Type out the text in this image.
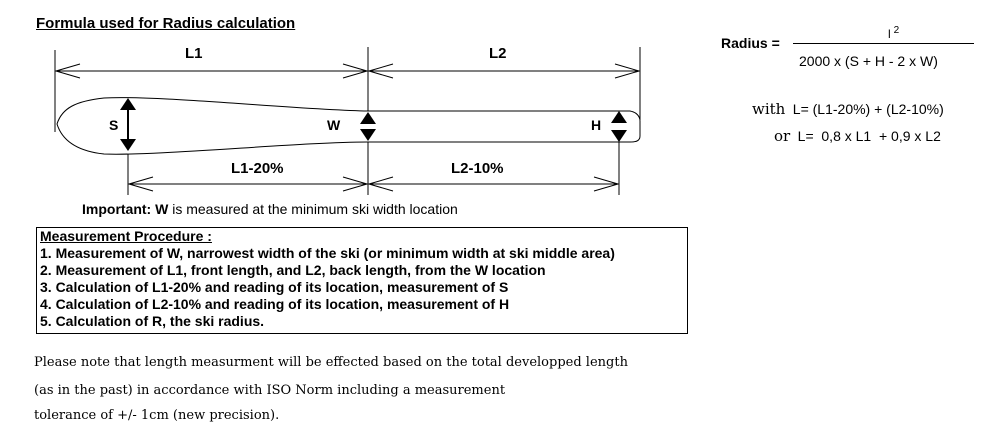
Formula used for Radius calculation
L1	L2
S	W	H
L1-20%	L2-10%
Important: W is measured at the minimum ski width location
Measurement Procedure :
1. Measurement of W, narrowest width of the ski (or minimum width at ski middle area)
2. Measurement of L1, front length, and L2, back length, from the W location
3. Calculation of L1-20% and reading of its location, measurement of S
4. Calculation of L2-10% and reading of its location, measurement of H
5. Calculation of R, the ski radius.
Please note that length measurment will be effected based on the total developped length
(as in the past) in accordance with ISO Norm including a measurement
tolerance of +/- 1cm (new precision).
Radius =
l $^2$
2000 x (S + H - 2 x W)
with L= (L1-20%) + (L2-10%)
or L=  0,8 x L1  + 0,9 x L2
